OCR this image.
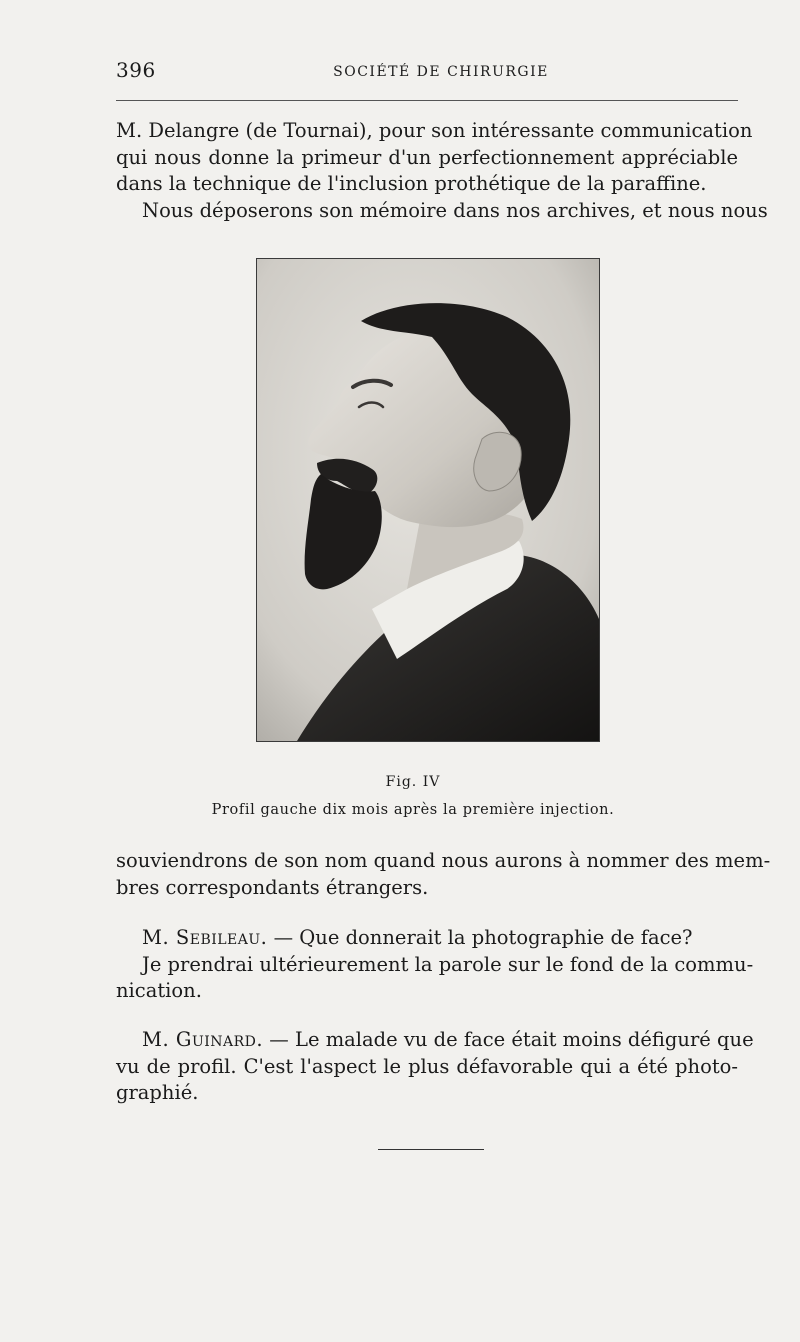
396	SOCIÉTÉ DE CHIRURGIE

M. Delangre (de Tournai), pour son intéressante communication
qui nous donne la primeur d'un perfectionnement appréciable
dans la technique de l'inclusion prothétique de la paraffine.
Nous déposerons son mémoire dans nos archives, et nous nous

Fig. IV
Profil gauche dix mois après la première injection.

souviendrons de son nom quand nous aurons à nommer des mem-
bres correspondants étrangers.

M. Sebileau. — Que donnerait la photographie de face?
Je prendrai ultérieurement la parole sur le fond de la commu-
nication.

M. Guinard. — Le malade vu de face était moins défiguré que
vu de profil. C'est l'aspect le plus défavorable qui a été photo-
graphié.
